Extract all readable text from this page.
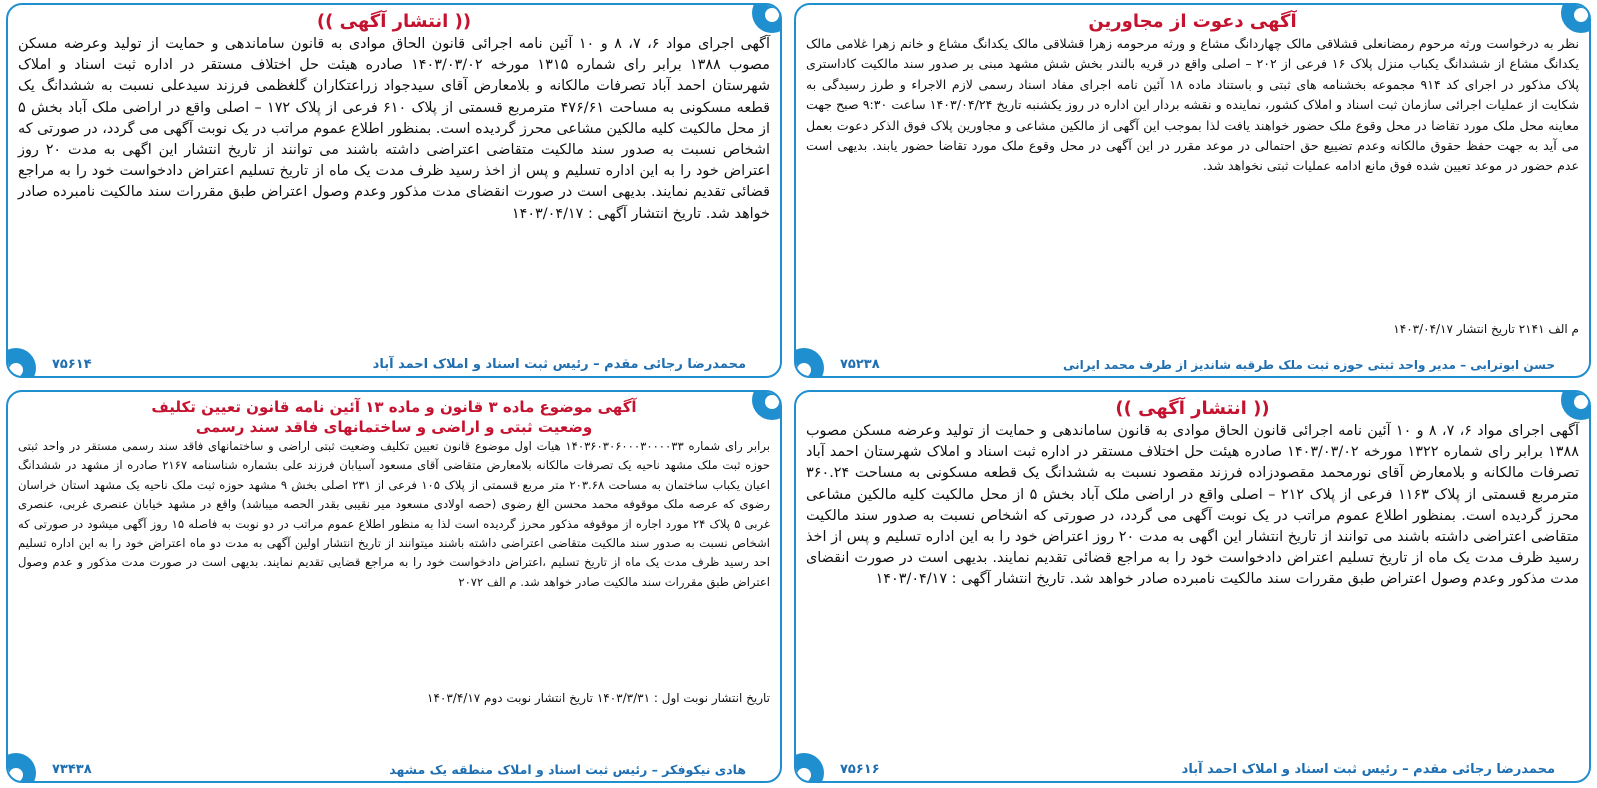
(( انتشار آگهی ))
آگهی اجرای مواد ۶، ۷، ۸ و ۱۰ آئین نامه اجرائی قانون الحاق موادی به قانون ساماندهی و حمایت از تولید وعرضه مسکن مصوب ۱۳۸۸ برابر رای شماره ۱۳۱۵ مورخه ۱۴۰۳/۰۳/۰۲ صادره هیئت حل اختلاف مستقر در اداره ثبت اسناد و املاک شهرستان احمد آباد تصرفات مالکانه و بلامعارض آقای سیدجواد زراعتکاران گلغظمی فرزند سیدعلی نسبت به ششدانگ یک قطعه مسکونی به مساحت ۴۷۶/۶۱ مترمربع قسمتی از پلاک ۶۱۰ فرعی از پلاک ۱۷۲ – اصلی واقع در اراضی ملک آباد بخش ۵ از محل مالکیت کلیه مالکین مشاعی محرز گردیده است. بمنظور اطلاع عموم مراتب در یک نوبت آگهی می گردد، در صورتی که اشخاص نسبت به صدور سند مالکیت متقاضی اعتراضی داشته باشند می توانند از تاریخ انتشار این اگهی به مدت ۲۰ روز اعتراض خود را به این اداره تسلیم و پس از اخذ رسید ظرف مدت یک ماه از تاریخ تسلیم اعتراض دادخواست خود را به مراجع قضائی تقدیم نمایند. بدیهی است در صورت انقضای مدت مذکور وعدم وصول اعتراض طبق مقررات سند مالکیت نامبرده صادر خواهد شد. تاریخ انتشار آگهی : ۱۴۰۳/۰۴/۱۷
محمدرضا رجائی مقدم – رئیس ثبت اسناد و املاک احمد آباد
۷۵۶۱۴
آگهی دعوت از مجاورین
نظر به درخواست ورثه مرحوم رمضانعلی قشلاقی مالک چهاردانگ مشاع و ورثه مرحومه زهرا قشلاقی مالک یکدانگ مشاع و خانم زهرا غلامی مالک یکدانگ مشاع از ششدانگ یکباب منزل پلاک ۱۶ فرعی از ۲۰۲ – اصلی واقع در قریه بالندر بخش شش مشهد مبنی بر صدور سند مالکیت کاداستری پلاک مذکور در اجرای کد ۹۱۴ مجموعه بخشنامه های ثبتی و باستناد ماده ۱۸ آئین نامه اجرای مفاد اسناد رسمی لازم الاجراء و طرز رسیدگی به شکایت از عملیات اجرائی سازمان ثبت اسناد و املاک کشور، نماینده و نقشه بردار این اداره در روز یکشنبه تاریخ ۱۴۰۳/۰۴/۲۴ ساعت ۹:۳۰ صبح جهت معاینه محل ملک مورد تقاضا در محل وقوع ملک حضور خواهند یافت لذا بموجب این آگهی از مالکین مشاعی و مجاورین پلاک فوق الذکر دعوت بعمل می آید به جهت حفظ حقوق مالکانه وعدم تضییع حق احتمالی در موعد مقرر در این آگهی در محل وقوع ملک مورد تقاضا حضور یابند. بدیهی است عدم حضور در موعد تعیین شده فوق مانع ادامه عملیات ثبتی نخواهد شد.
م الف ۲۱۴۱ تاریخ انتشار ۱۴۰۳/۰۴/۱۷
حسن ابوترابی – مدیر واحد ثبتی حوزه ثبت ملک طرقبه شاندیز از طرف محمد ایرانی
۷۵۲۳۸
آگهی موضوع ماده ۳ قانون و ماده ۱۳ آئین نامه قانون تعیین تکلیف
وضعیت ثبتی و اراضی و ساختمانهای فاقد سند رسمی
برابر رای شماره ۱۴۰۳۶۰۳۰۶۰۰۰۳۰۰۰۰۳۳ هیات اول موضوع قانون تعیین تکلیف وضعیت ثبتی اراضی و ساختمانهای فاقد سند رسمی مستقر در واحد ثبتی حوزه ثبت ملک مشهد ناحیه یک تصرفات مالکانه بلامعارض متقاضی آقای مسعود آسیابان فرزند علی بشماره شناسنامه ۲۱۶۷ صادره از مشهد در ششدانگ اعیان یکباب ساختمان به مساحت ۲۰۳.۶۸ متر مربع قسمتی از پلاک ۱۰۵ فرعی از ۲۳۱ اصلی بخش ۹ مشهد حوزه ثبت ملک ناحیه یک مشهد استان خراسان رضوی که عرصه ملک موقوفه محمد محسن الغ رضوی (حصه اولادی مسعود میر نقیبی بقدر الحصه میباشد) واقع در مشهد خیابان عنصری غربی، عنصری غربی ۵ پلاک ۲۴ مورد اجاره از موقوفه مذکور محرز گردیده است لذا به منظور اطلاع عموم مراتب در دو نوبت به فاصله ۱۵ روز آگهی میشود در صورتی که اشخاص نسبت به صدور سند مالکیت متقاضی اعتراضی داشته باشند میتوانند از تاریخ انتشار اولین آگهی به مدت دو ماه اعتراض خود را به این اداره تسلیم احد رسید ظرف مدت یک ماه از تاریخ تسلیم ،اعتراض دادخواست خود را به مراجع قضایی تقدیم نمایند. بدیهی است در صورت مدت مذکور و عدم وصول اعتراض طبق مقررات سند مالکیت صادر خواهد شد. م الف ۲۰۷۲
تاریخ انتشار نوبت اول : ۱۴۰۳/۳/۳۱ تاریخ انتشار نوبت دوم ۱۴۰۳/۴/۱۷
هادی نیکوفکر – رئیس ثبت اسناد و املاک منطقه یک مشهد
۷۳۴۳۸
(( انتشار آگهی ))
آگهی اجرای مواد ۶، ۷، ۸ و ۱۰ آئین نامه اجرائی قانون الحاق موادی به قانون ساماندهی و حمایت از تولید وعرضه مسکن مصوب ۱۳۸۸ برابر رای شماره ۱۳۲۲ مورخه ۱۴۰۳/۰۳/۰۲ صادره هیئت حل اختلاف مستقر در اداره ثبت اسناد و املاک شهرستان احمد آباد تصرفات مالکانه و بلامعارض آقای نورمحمد مقصودزاده فرزند مقصود نسبت به ششدانگ یک قطعه مسکونی به مساحت ۳۶۰.۲۴ مترمربع قسمتی از پلاک ۱۱۶۳ فرعی از پلاک ۲۱۲ – اصلی واقع در اراضی ملک آباد بخش ۵ از محل مالکیت کلیه مالکین مشاعی محرز گردیده است. بمنظور اطلاع عموم مراتب در یک نوبت آگهی می گردد، در صورتی که اشخاص نسبت به صدور سند مالکیت متقاضی اعتراضی داشته باشند می توانند از تاریخ انتشار این اگهی به مدت ۲۰ روز اعتراض خود را به این اداره تسلیم و پس از اخذ رسید ظرف مدت یک ماه از تاریخ تسلیم اعتراض دادخواست خود را به مراجع قضائی تقدیم نمایند. بدیهی است در صورت انقضای مدت مذکور وعدم وصول اعتراض طبق مقررات سند مالکیت نامبرده صادر خواهد شد. تاریخ انتشار آگهی : ۱۴۰۳/۰۴/۱۷
محمدرضا رجائی مقدم – رئیس ثبت اسناد و املاک احمد آباد
۷۵۶۱۶
